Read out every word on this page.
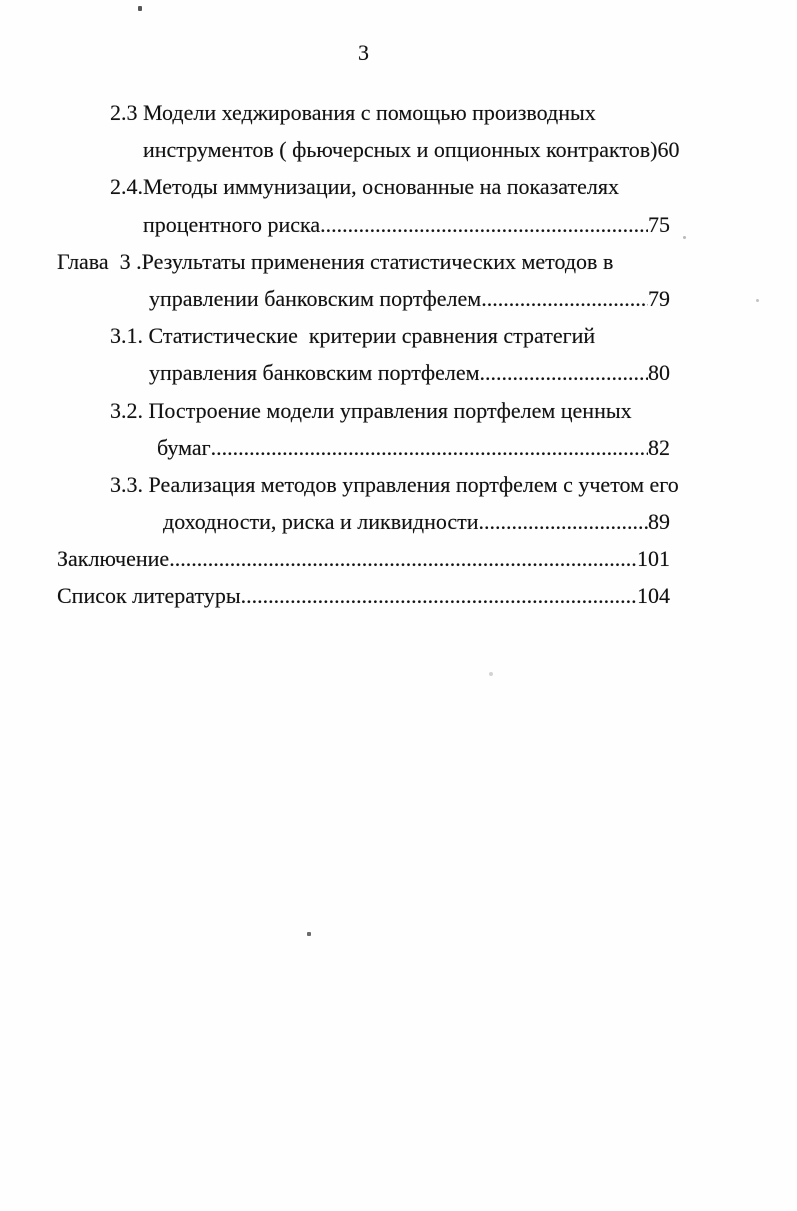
3
2.3 Модели хеджирования с помощью производных
инструментов ( фьючерсных и опционных контрактов) 60
2.4.Методы иммунизации, основанные на показателях
процентного риска .....	75
Глава  3 .Результаты применения статистических методов в
управлении банковским портфелем .....	79
3.1. Статистические  критерии сравнения стратегий
управления банковским портфелем .....	80
3.2. Построение модели управления портфелем ценных
бумаг .....	82
3.3. Реализация методов управления портфелем с учетом его
доходности, риска и ликвидности .....	89
Заключение .....	101
Список литературы .....	104
